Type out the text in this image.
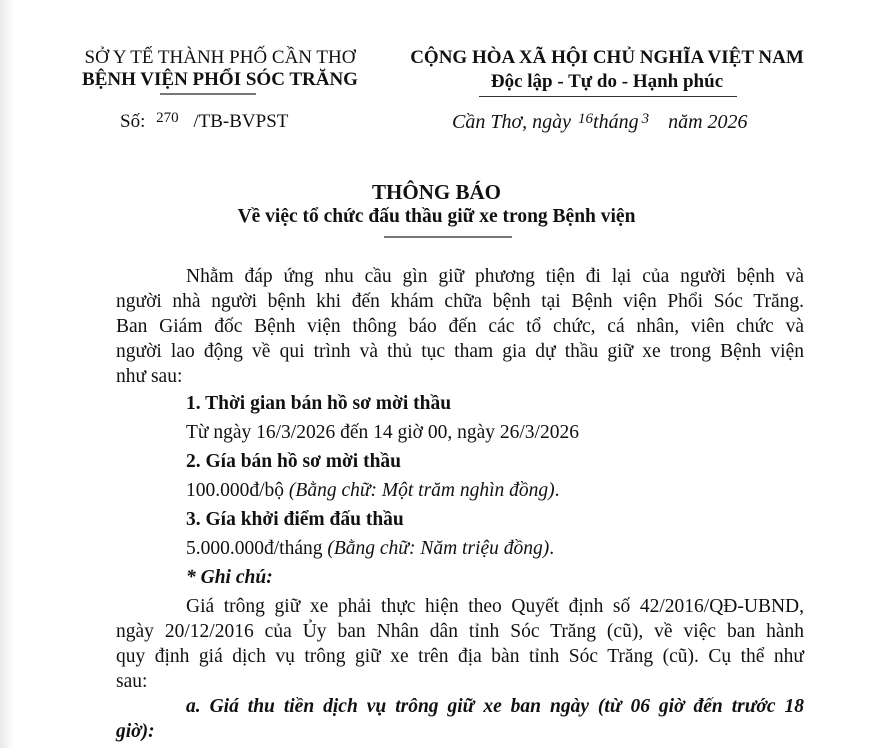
SỞ Y TẾ THÀNH PHỐ CẦN THƠ
BỆNH VIỆN PHỔI SÓC TRĂNG
Số: $^{270}$ /TB-BVPST
CỘNG HÒA XÃ HỘI CHỦ NGHĨA VIỆT NAM
Độc lập - Tự do - Hạnh phúc
Cần Thơ, ngày $^{16}$tháng $^3$ năm 2026
THÔNG BÁO
Về việc tổ chức đấu thầu giữ xe trong Bệnh viện
Nhằm đáp ứng nhu cầu gìn giữ phương tiện đi lại của người bệnh và
người nhà người bệnh khi đến khám chữa bệnh tại Bệnh viện Phổi Sóc Trăng.
Ban Giám đốc Bệnh viện thông báo đến các tổ chức, cá nhân, viên chức và
người lao động về qui trình và thủ tục tham gia dự thầu giữ xe trong Bệnh viện
như sau:
1. Thời gian bán hồ sơ mời thầu
Từ ngày 16/3/2026 đến 14 giờ 00, ngày 26/3/2026
2. Gía bán hồ sơ mời thầu
100.000đ/bộ (Bằng chữ: Một trăm nghìn đồng).
3. Gía khởi điểm đấu thầu
5.000.000đ/tháng (Bằng chữ: Năm triệu đồng).
* Ghi chú:
Giá trông giữ xe phải thực hiện theo Quyết định số 42/2016/QĐ-UBND,
ngày 20/12/2016 của Ủy ban Nhân dân tỉnh Sóc Trăng (cũ), về việc ban hành
quy định giá dịch vụ trông giữ xe trên địa bàn tỉnh Sóc Trăng (cũ). Cụ thể như
sau:
a. Giá thu tiền dịch vụ trông giữ xe ban ngày (từ 06 giờ đến trước 18
giờ):
